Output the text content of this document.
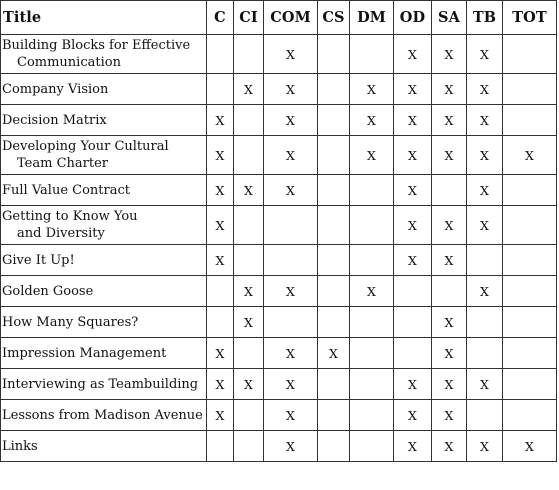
Title	C	CI	COM	CS	DM	OD	SA	TB	TOT
Building Blocks for Effective
Communication			X			X	X	X	
Company Vision		X	X		X	X	X	X	
Decision Matrix	X		X		X	X	X	X	
Developing Your Cultural
Team Charter	X		X		X	X	X	X	X
Full Value Contract	X	X	X			X		X	
Getting to Know You
and Diversity	X					X	X	X	
Give It Up!	X					X	X		
Golden Goose		X	X		X			X	
How Many Squares?		X					X		
Impression Management	X		X	X			X		
Interviewing as Teambuilding	X	X	X			X	X	X	
Lessons from Madison Avenue	X		X			X	X		
Links			X			X	X	X	X
